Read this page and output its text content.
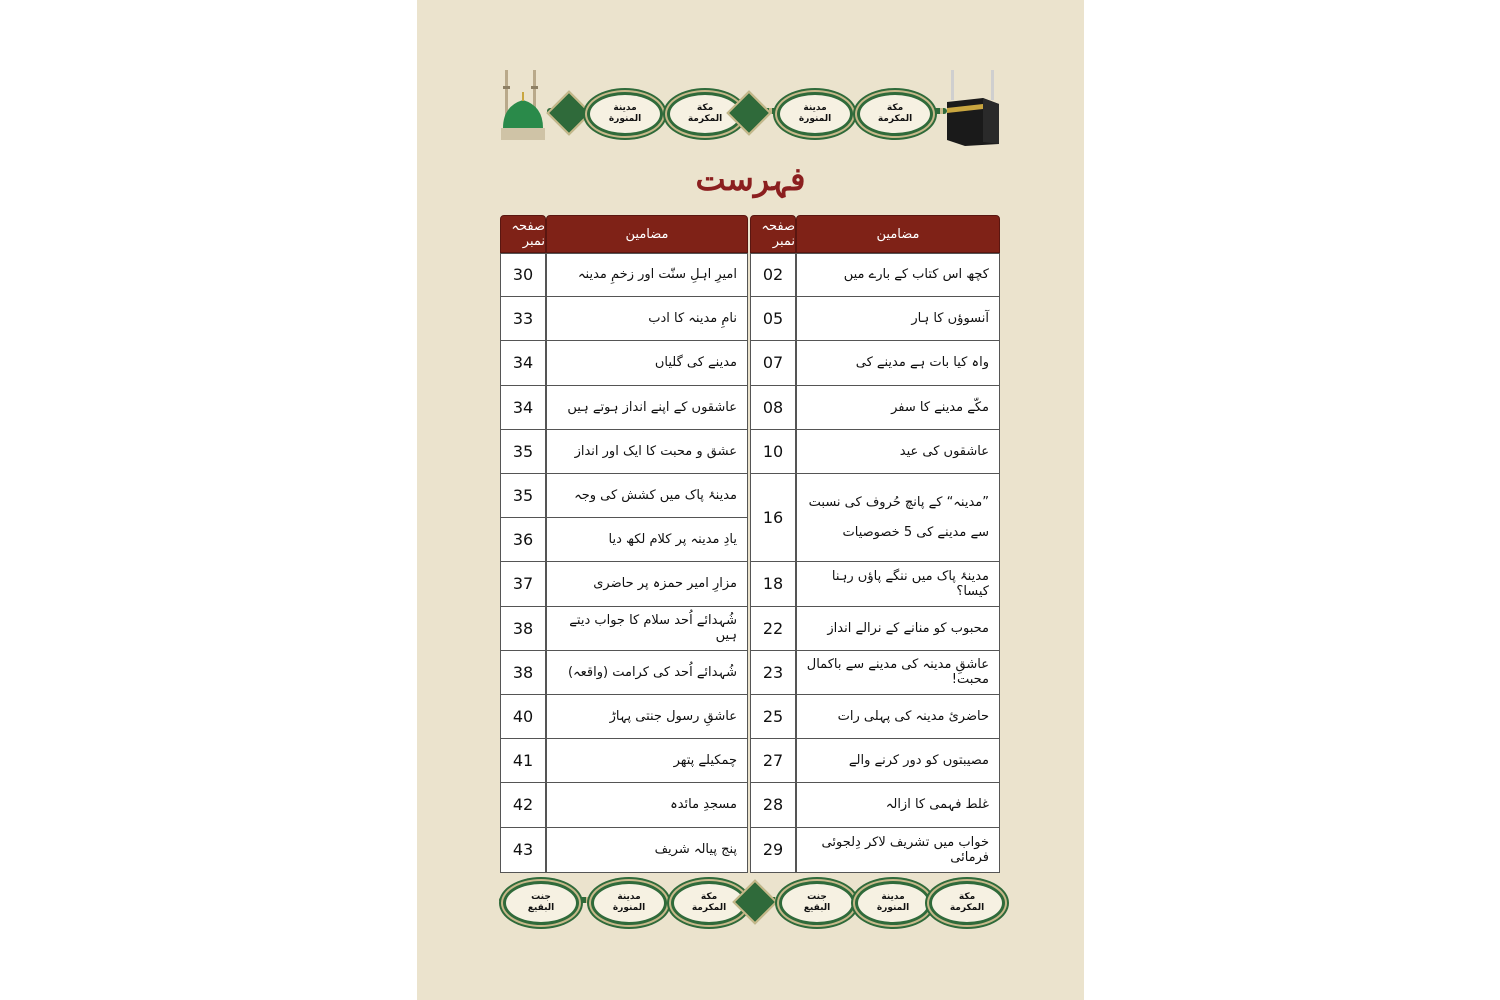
مدينة
المنورة
مكة
المكرمة
مدينة
المنورة
مكة
المكرمة
فہرست
جنت
البقيع
مدينة
المنورة
مكة
المكرمة
جنت
البقيع
مدينة
المنورة
مكة
المكرمة
مضامین
صفحہ نمبر
مضامین
صفحہ نمبر
کچھ اس کتاب کے بارے میں
02
آنسوؤں کا ہار
05
واہ کیا بات ہے مدینے کی
07
مکّے مدینے کا سفر
08
عاشقوں کی عید
10
”مدینہ“ کے پانچ حُروف کی نسبت
سے مدینے کی 5 خصوصیات
16
مدینۂ پاک میں ننگے پاؤں رہنا کیسا؟
18
محبوب کو منانے کے نرالے انداز
22
عاشقِ مدینہ کی مدینے سے باکمال محبت!
23
حاضریٔ مدینہ کی پہلی رات
25
مصیبتوں کو دور کرنے والے
27
غلط فہمی کا ازالہ
28
خواب میں تشریف لاکر دِلجوئی فرمائی
29
امیرِ اہلِ سنّت اور زخمِ مدینہ
30
نامِ مدینہ کا ادب
33
مدینے کی گلیاں
34
عاشقوں کے اپنے انداز ہوتے ہیں
34
عشق و محبت کا ایک اور انداز
35
مدینۂ پاک میں کشش کی وجہ
35
یادِ مدینہ پر کلام لکھ دیا
36
مزارِ امیر حمزہ پر حاضری
37
شُہدائے اُحد سلام کا جواب دیتے ہیں
38
شُہدائے اُحد کی کرامت (واقعہ)
38
عاشقِ رسول جنتی پہاڑ
40
چمکیلے پتھر
41
مسجدِ مائدہ
42
پنج پیالہ شریف
43
